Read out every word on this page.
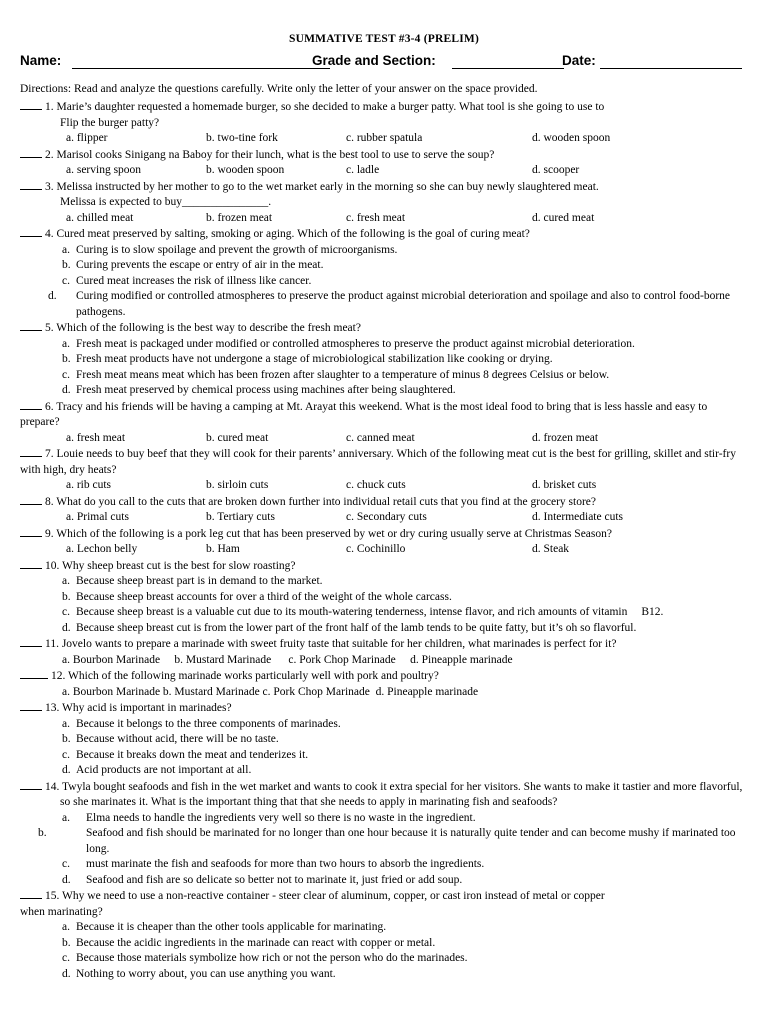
SUMMATIVE TEST #3-4 (PRELIM)
Name:	Grade and Section:	Date:
Directions: Read and analyze the questions carefully. Write only the letter of your answer on the space provided.
1. Marie’s daughter requested a homemade burger, so she decided to make a burger patty. What tool is she going to use to
Flip the burger patty?
a. flipper	b. two-tine fork	c. rubber spatula	d. wooden spoon
2. Marisol cooks Sinigang na Baboy for their lunch, what is the best tool to use to serve the soup?
a. serving spoon	b. wooden spoon	c. ladle	d. scooper
3. Melissa instructed by her mother to go to the wet market early in the morning so she can buy newly slaughtered meat.
Melissa is expected to buy_______________.
a. chilled meat	b. frozen meat	c. fresh meat	d. cured meat
4. Cured meat preserved by salting, smoking or aging. Which of the following is the goal of curing meat?
a. Curing is to slow spoilage and prevent the growth of microorganisms.
b. Curing prevents the escape or entry of air in the meat.
c. Cured meat increases the risk of illness like cancer.
d. Curing modified or controlled atmospheres to preserve the product against microbial deterioration and spoilage and also to control food-borne pathogens.
5. Which of the following is the best way to describe the fresh meat?
a. Fresh meat is packaged under modified or controlled atmospheres to preserve the product against microbial deterioration.
b. Fresh meat products have not undergone a stage of microbiological stabilization like cooking or drying.
c. Fresh meat means meat which has been frozen after slaughter to a temperature of minus 8 degrees Celsius or below.
d. Fresh meat preserved by chemical process using machines after being slaughtered.
6. Tracy and his friends will be having a camping at Mt. Arayat this weekend. What is the most ideal food to bring that is less hassle and easy to prepare?
a. fresh meat	b. cured meat	c. canned meat	d. frozen meat
7. Louie needs to buy beef that they will cook for their parents’ anniversary. Which of the following meat cut is the best for grilling, skillet and stir-fry with high, dry heats?
a. rib cuts	b. sirloin cuts	c. chuck cuts	d. brisket cuts
8. What do you call to the cuts that are broken down further into individual retail cuts that you find at the grocery store?
a. Primal cuts	b. Tertiary cuts	c. Secondary cuts	d. Intermediate cuts
9. Which of the following is a pork leg cut that has been preserved by wet or dry curing usually serve at Christmas Season?
a. Lechon belly	b. Ham	c. Cochinillo	d. Steak
10. Why sheep breast cut is the best for slow roasting?
a. Because sheep breast part is in demand to the market.
b. Because sheep breast accounts for over a third of the weight of the whole carcass.
c. Because sheep breast is a valuable cut due to its mouth-watering tenderness, intense flavor, and rich amounts of vitamin B12.
d. Because sheep breast cut is from the lower part of the front half of the lamb tends to be quite fatty, but it’s oh so flavorful.
11. Jovelo wants to prepare a marinade with sweet fruity taste that suitable for her children, what marinades is perfect for it?
a. Bourbon Marinade     b. Mustard Marinade      c. Pork Chop Marinade     d. Pineapple marinade
12. Which of the following marinade works particularly well with pork and poultry?
a. Bourbon Marinade b. Mustard Marinade c. Pork Chop Marinade  d. Pineapple marinade
13. Why acid is important in marinades?
a. Because it belongs to the three components of marinades.
b. Because without acid, there will be no taste.
c. Because it breaks down the meat and tenderizes it.
d. Acid products are not important at all.
14. Twyla bought seafoods and fish in the wet market and wants to cook it extra special for her visitors. She wants to make it tastier and more flavorful, so she marinates it. What is the important thing that that she needs to apply in marinating fish and seafoods?
a. Elma needs to handle the ingredients very well so there is no waste in the ingredient.
b.	Seafood and fish should be marinated for no longer than one hour because it is naturally quite tender and can become mushy if marinated too long.
c. must marinate the fish and seafoods for more than two hours to absorb the ingredients.
d. Seafood and fish are so delicate so better not to marinate it, just fried or add soup.
15. Why we need to use a non-reactive container - steer clear of aluminum, copper, or cast iron instead of metal or copper
when marinating?
a. Because it is cheaper than the other tools applicable for marinating.
b. Because the acidic ingredients in the marinade can react with copper or metal.
c. Because those materials symbolize how rich or not the person who do the marinades.
d. Nothing to worry about, you can use anything you want.
